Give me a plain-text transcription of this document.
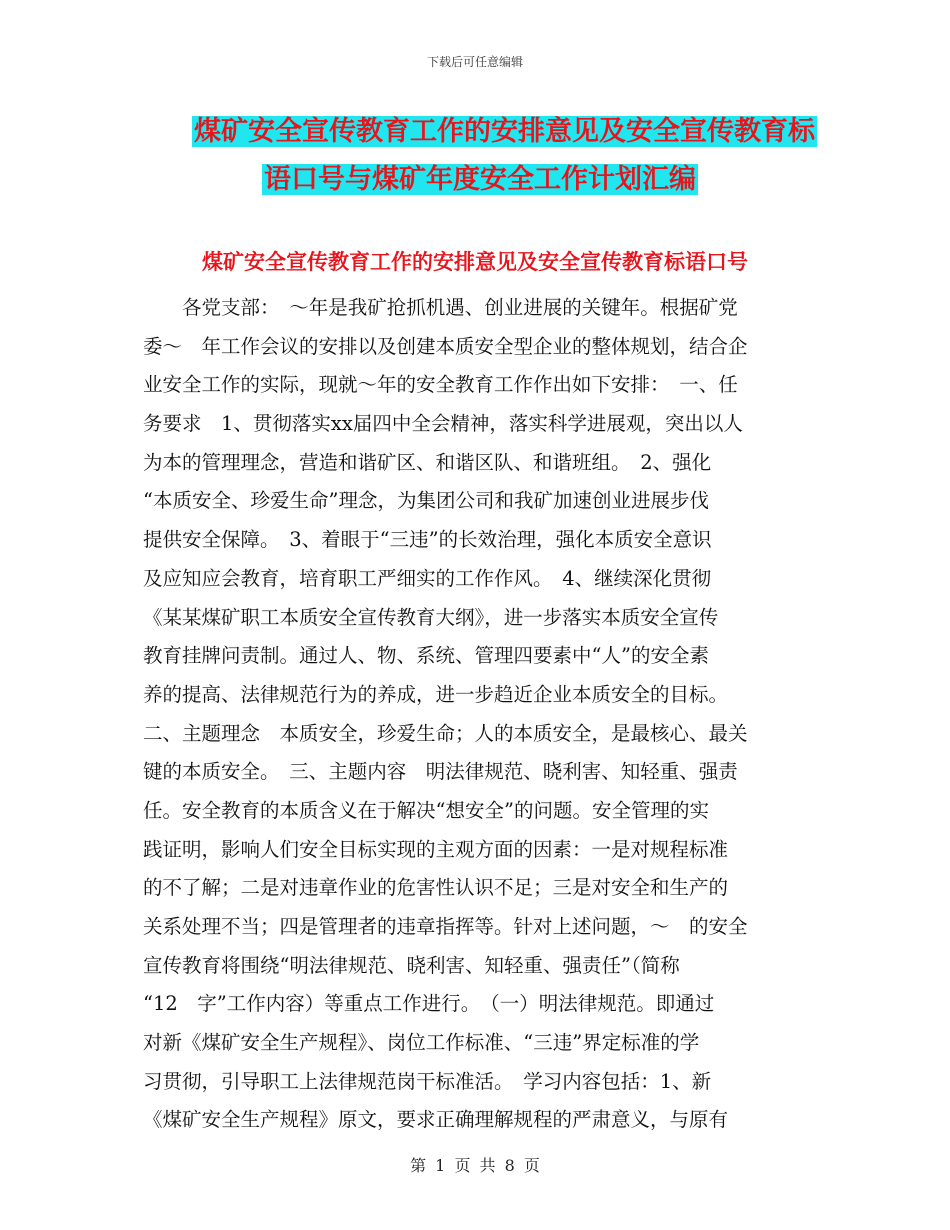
下载后可任意编辑
煤矿安全宣传教育工作的安排意见及安全宣传教育标
语口号与煤矿年度安全工作计划汇编
煤矿安全宣传教育工作的安排意见及安全宣传教育标语口号
　　各党支部：　～年是我矿抢抓机遇、创业进展的关键年。根据矿党
委～　年工作会议的安排以及创建本质安全型企业的整体规划，结合企
业安全工作的实际，现就～年的安全教育工作作出如下安排：　一、任
务要求　1、贯彻落实xx届四中全会精神，落实科学进展观，突出以人
为本的管理理念，营造和谐矿区、和谐区队、和谐班组。　2、强化
“本质安全、珍爱生命”理念，为集团公司和我矿加速创业进展步伐
提供安全保障。　3、着眼于“三违”的长效治理，强化本质安全意识
及应知应会教育，培育职工严细实的工作作风。　4、继续深化贯彻
《某某煤矿职工本质安全宣传教育大纲》，进一步落实本质安全宣传
教育挂牌问责制。通过人、物、系统、管理四要素中“人”的安全素
养的提高、法律规范行为的养成，进一步趋近企业本质安全的目标。
二、主题理念　本质安全，珍爱生命；人的本质安全，是最核心、最关
键的本质安全。　三、主题内容　明法律规范、晓利害、知轻重、强责
任。安全教育的本质含义在于解决“想安全”的问题。安全管理的实
践证明，影响人们安全目标实现的主观方面的因素：一是对规程标准
的不了解；二是对违章作业的危害性认识不足；三是对安全和生产的
关系处理不当；四是管理者的违章指挥等。针对上述问题，～　的安全
宣传教育将围绕“明法律规范、晓利害、知轻重、强责任”（简称
“12　字”工作内容）等重点工作进行。　（一）明法律规范。即通过
对新《煤矿安全生产规程》、岗位工作标准、“三违”界定标准的学
习贯彻，引导职工上法律规范岗干标准活。　学习内容包括：1、新
《煤矿安全生产规程》原文，要求正确理解规程的严肃意义，与原有
第 1 页 共 8 页
